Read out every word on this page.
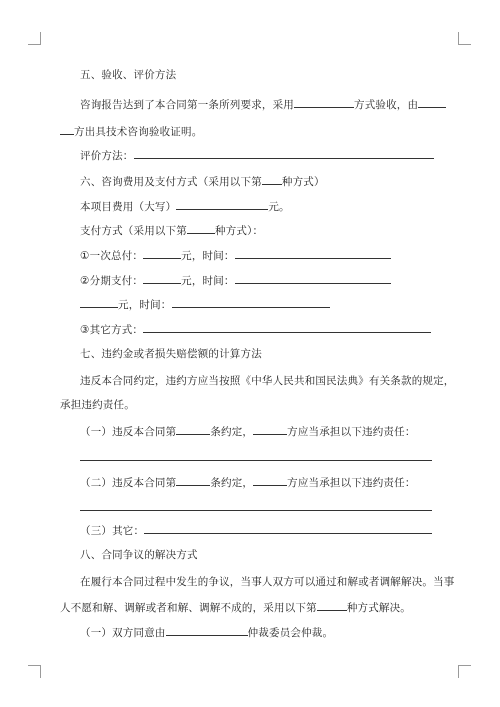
五、验收、评价方法
咨询报告达到了本合同第一条所列要求，采用	方式验收，由
方出具技术咨询验收证明。
评价方法：
六、咨询费用及支付方式（采用以下第 种方式）
本项目费用（大写）	元。
支付方式（采用以下第	种方式）：
①一次总付：	元，时间：
②分期支付：	元，时间：
元，时间：
③其它方式：
七、违约金或者损失赔偿额的计算方法
违反本合同约定，违约方应当按照《中华人民共和国民法典》有关条款的规定，
承担违约责任。
（一）违反本合同第	条约定，	方应当承担以下违约责任：
（二）违反本合同第	条约定，	方应当承担以下违约责任：
（三）其它：
八、合同争议的解决方式
在履行本合同过程中发生的争议，当事人双方可以通过和解或者调解解决。当事
人不愿和解、调解或者和解、调解不成的，采用以下第	种方式解决。
（一）双方同意由	仲裁委员会仲裁。
